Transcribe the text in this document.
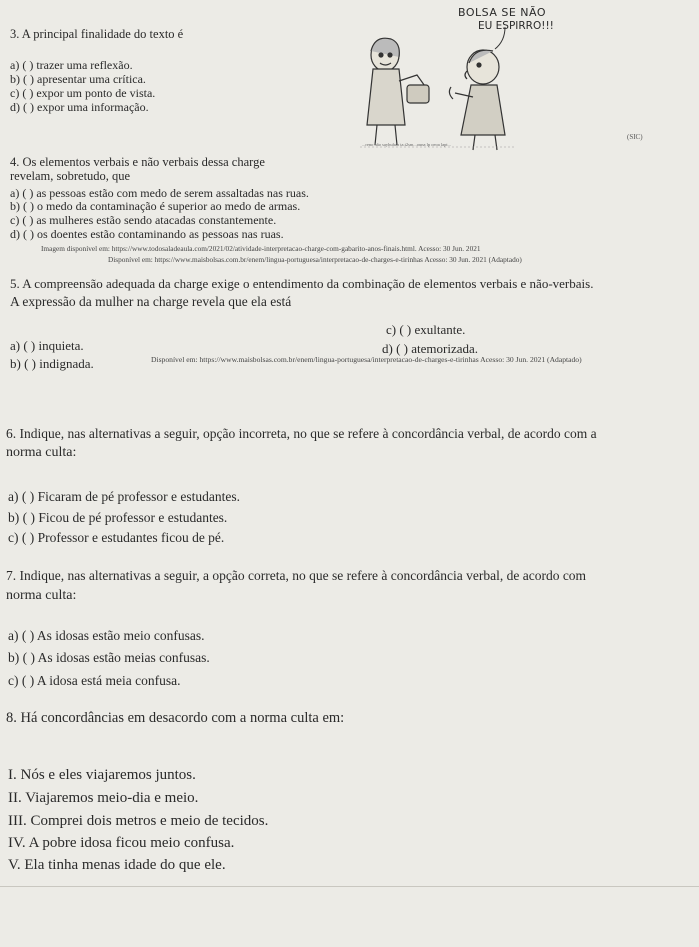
3. A principal finalidade do texto é
a) ( ) trazer uma reflexão.
b) ( ) apresentar uma crítica.
c) ( ) expor um ponto de vista.
d) ( ) expor uma informação.
BOLSA SE NÃO
EU ESPIRRO!!!
(SIC)
...reno hão sayhuhan ta.t2sm...ouna lp oeoa lapt...
4. Os elementos verbais e não verbais dessa charge
revelam, sobretudo, que
a) ( ) as pessoas estão com medo de serem assaltadas nas ruas.
b) ( ) o medo da contaminação é superior ao medo de armas.
c) ( ) as mulheres estão sendo atacadas constantemente.
d) ( ) os doentes estão contaminando as pessoas nas ruas.
Imagem disponível em: https://www.todosaladeaula.com/2021/02/atividade-interpretacao-charge-com-gabarito-anos-finais.html. Acesso: 30 Jun. 2021
Disponível em: https://www.maisbolsas.com.br/enem/lingua-portuguesa/interpretacao-de-charges-e-tirinhas Acesso: 30 Jun. 2021 (Adaptado)
5. A compreensão adequada da charge exige o entendimento da combinação de elementos verbais e não-verbais.
A expressão da mulher na charge revela que ela está
a) ( ) inquieta.
b) ( ) indignada.
c) ( ) exultante.
d) ( ) atemorizada.
Disponível em: https://www.maisbolsas.com.br/enem/lingua-portuguesa/interpretacao-de-charges-e-tirinhas Acesso: 30 Jun. 2021 (Adaptado)
6. Indique, nas alternativas a seguir, opção incorreta, no que se refere à concordância verbal, de acordo com a
norma culta:
a) ( ) Ficaram de pé professor e estudantes.
b) ( ) Ficou de pé professor e estudantes.
c) ( ) Professor e estudantes ficou de pé.
7. Indique, nas alternativas a seguir, a opção correta, no que se refere à concordância verbal, de acordo com
norma culta:
a) ( ) As idosas estão meio confusas.
b) ( ) As idosas estão meias confusas.
c) ( ) A idosa está meia confusa.
8. Há concordâncias em desacordo com a norma culta em:
I. Nós e eles viajaremos juntos.
II. Viajaremos meio-dia e meio.
III. Comprei dois metros e meio de tecidos.
IV. A pobre idosa ficou meio confusa.
V. Ela tinha menas idade do que ele.
